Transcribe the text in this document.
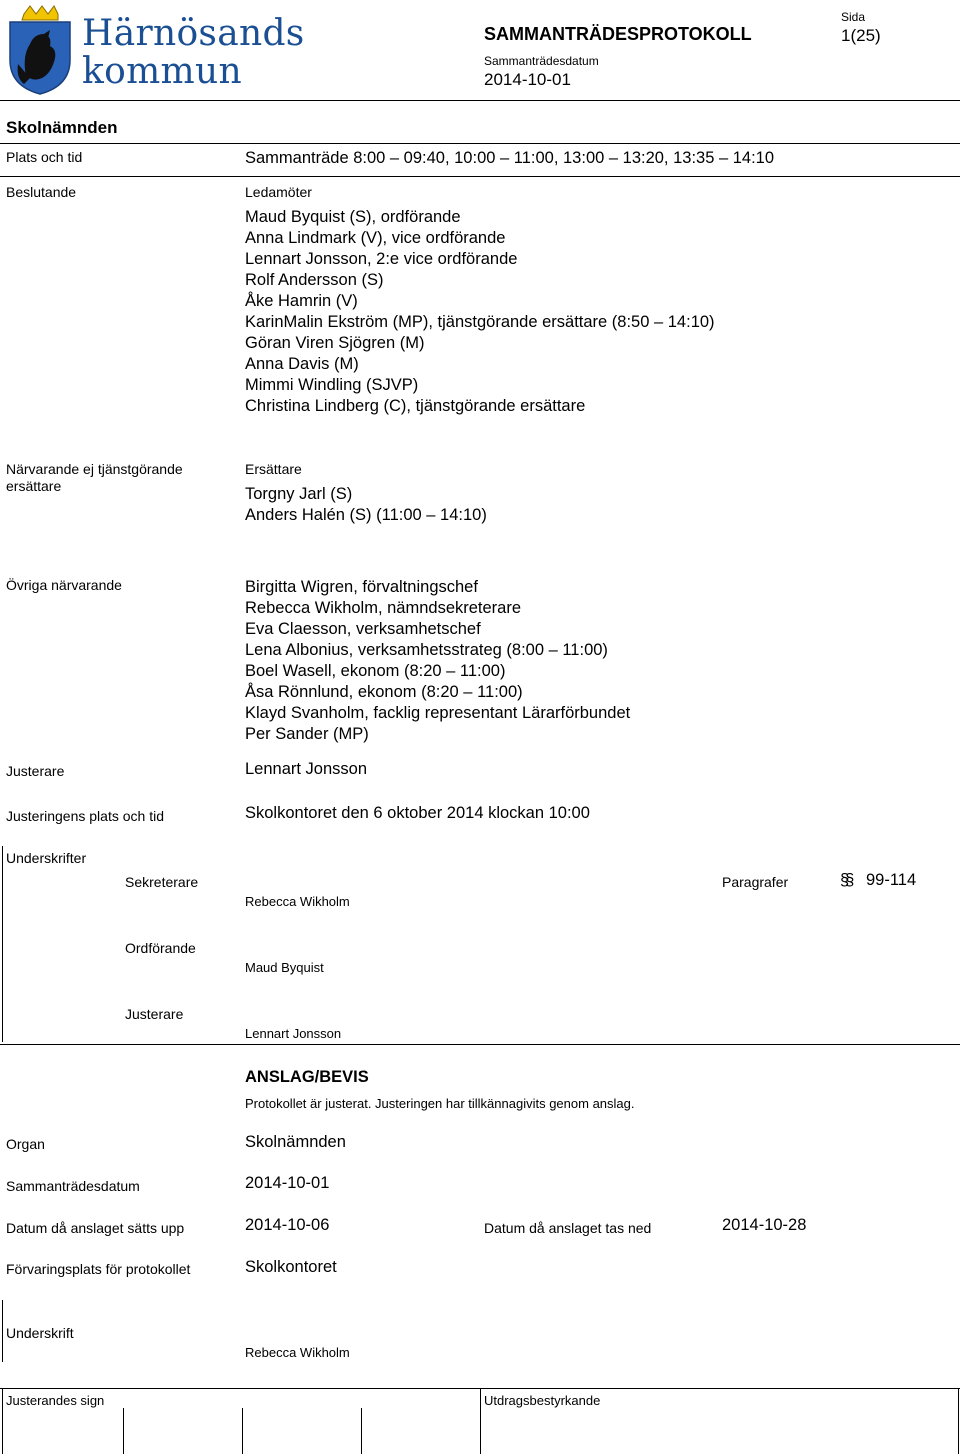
Härnösands
kommun
SAMMANTRÄDESPROTOKOLL
Sammanträdesdatum
2014-10-01
Sida
1(25)
Skolnämnden
Plats och tid	Sammanträde 8:00 – 09:40, 10:00 – 11:00, 13:00 – 13:20, 13:35 – 14:10
Beslutande	Ledamöter
Maud Byquist (S), ordförande
Anna Lindmark (V), vice ordförande
Lennart Jonsson, 2:e vice ordförande
Rolf Andersson (S)
Åke Hamrin (V)
KarinMalin Ekström (MP), tjänstgörande ersättare (8:50 – 14:10)
Göran Viren Sjögren (M)
Anna Davis (M)
Mimmi Windling (SJVP)
Christina Lindberg (C), tjänstgörande ersättare
Närvarande ej tjänstgörande
ersättare
Ersättare
Torgny Jarl (S)
Anders Halén (S) (11:00 – 14:10)
Övriga närvarande	Birgitta Wigren, förvaltningschef
Rebecca Wikholm, nämndsekreterare
Eva Claesson, verksamhetschef
Lena Albonius, verksamhetsstrateg (8:00 – 11:00)
Boel Wasell, ekonom (8:20 – 11:00)
Åsa Rönnlund, ekonom (8:20 – 11:00)
Klayd Svanholm, facklig representant Lärarförbundet
Per Sander (MP)
Justerare	Lennart Jonsson
Justeringens plats och tid	Skolkontoret den 6 oktober 2014 klockan 10:00
Underskrifter
Sekreterare
Rebecca Wikholm
Paragrafer	§§ 99-114
Ordförande
Maud Byquist
Justerare
Lennart Jonsson
ANSLAG/BEVIS
Protokollet är justerat. Justeringen har tillkännagivits genom anslag.
Organ	Skolnämnden
Sammanträdesdatum	2014-10-01
Datum då anslaget sätts upp	2014-10-06	Datum då anslaget tas ned	2014-10-28
Förvaringsplats för protokollet	Skolkontoret
Underskrift
Rebecca Wikholm
Justerandes sign	Utdragsbestyrkande
